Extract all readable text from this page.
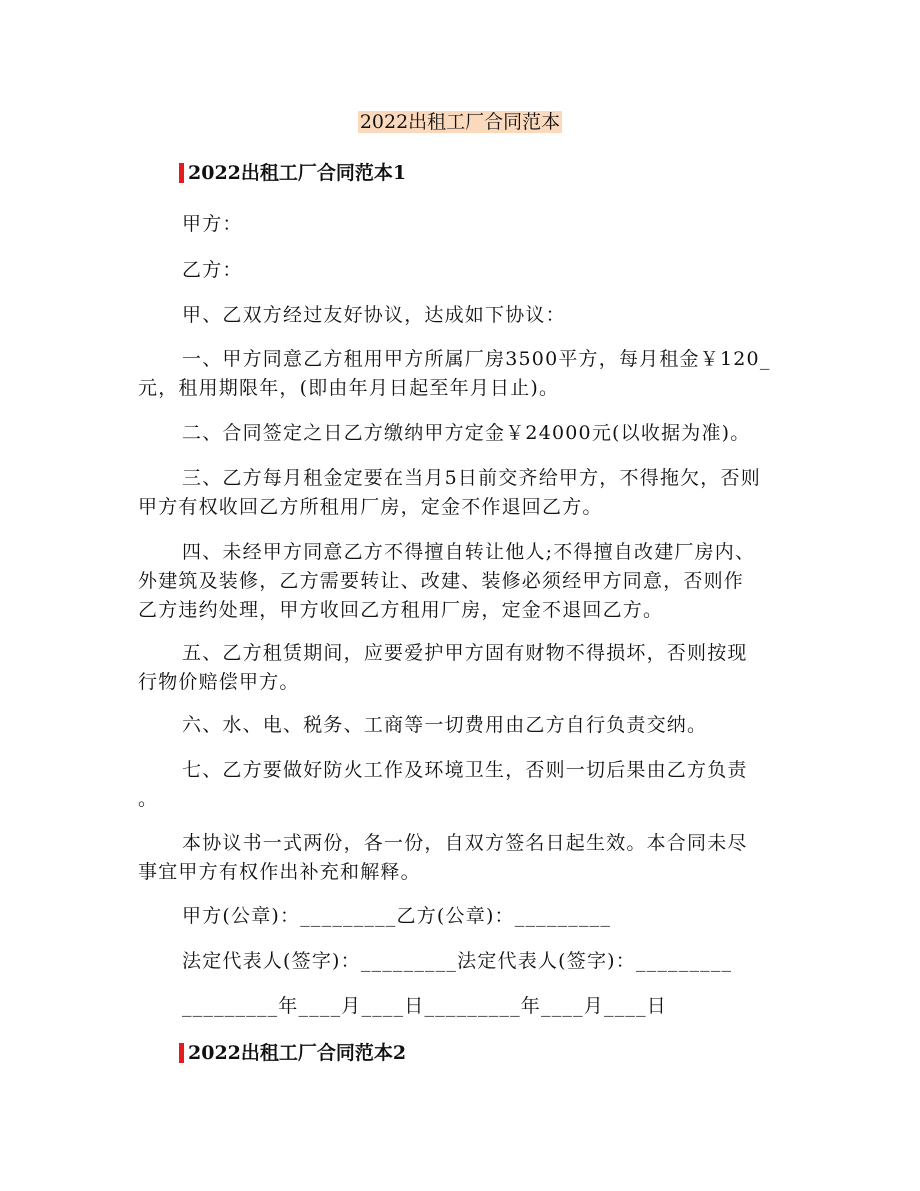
2022出租工厂合同范本
2022出租工厂合同范本1

甲方：

乙方：

甲、乙双方经过友好协议，达成如下协议：

一、甲方同意乙方租用甲方所属厂房3500平方，每月租金￥120_

元，租用期限年，(即由年月日起至年月日止)。

二、合同签定之日乙方缴纳甲方定金￥24000元(以收据为准)。

三、乙方每月租金定要在当月5日前交齐给甲方，不得拖欠，否则

甲方有权收回乙方所租用厂房，定金不作退回乙方。

四、未经甲方同意乙方不得擅自转让他人;不得擅自改建厂房内、

外建筑及装修，乙方需要转让、改建、装修必须经甲方同意，否则作

乙方违约处理，甲方收回乙方租用厂房，定金不退回乙方。

五、乙方租赁期间，应要爱护甲方固有财物不得损坏，否则按现

行物价赔偿甲方。

六、水、电、税务、工商等一切费用由乙方自行负责交纳。

七、乙方要做好防火工作及环境卫生，否则一切后果由乙方负责

。

本协议书一式两份，各一份，自双方签名日起生效。本合同未尽

事宜甲方有权作出补充和解释。

甲方(公章)：_________乙方(公章)：_________

法定代表人(签字)：_________法定代表人(签字)：_________

_________年____月____日_________年____月____日

2022出租工厂合同范本2
